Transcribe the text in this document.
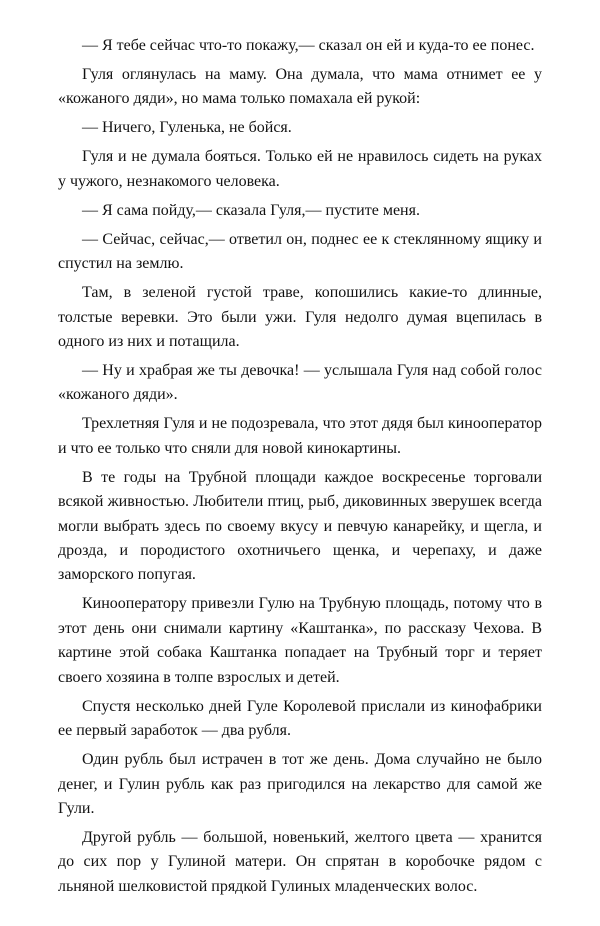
— Я тебе сейчас что-то покажу,— сказал он ей и куда-то ее понес.

Гуля оглянулась на маму. Она думала, что мама отнимет ее у «кожаного дяди», но мама только помахала ей рукой:

— Ничего, Гуленька, не бойся.

Гуля и не думала бояться. Только ей не нравилось сидеть на руках у чужого, незнакомого человека.

— Я сама пойду,— сказала Гуля,— пустите меня.

— Сейчас, сейчас,— ответил он, поднес ее к стеклянному ящику и спустил на землю.

Там, в зеленой густой траве, копошились какие-то длинные, толстые веревки. Это были ужи. Гуля недолго думая вцепилась в одного из них и потащила.

— Ну и храбрая же ты девочка! — услышала Гуля над собой голос «кожаного дяди».

Трехлетняя Гуля и не подозревала, что этот дядя был кинооператор и что ее только что сняли для новой кинокартины.

В те годы на Трубной площади каждое воскресенье торговали всякой живностью. Любители птиц, рыб, диковинных зверушек всегда могли выбрать здесь по своему вкусу и певчую канарейку, и щегла, и дрозда, и породистого охотничьего щенка, и черепаху, и даже заморского попугая.

Кинооператору привезли Гулю на Трубную площадь, потому что в этот день они снимали картину «Каштанка», по рассказу Чехова. В картине этой собака Каштанка попадает на Трубный торг и теряет своего хозяина в толпе взрослых и детей.

Спустя несколько дней Гуле Королевой прислали из кинофабрики ее первый заработок — два рубля.

Один рубль был истрачен в тот же день. Дома случайно не было денег, и Гулин рубль как раз пригодился на лекарство для самой же Гули.

Другой рубль — большой, новенький, желтого цвета — хранится до сих пор у Гулиной матери. Он спрятан в коробочке рядом с льняной шелковистой прядкой Гулиных младенческих волос.
